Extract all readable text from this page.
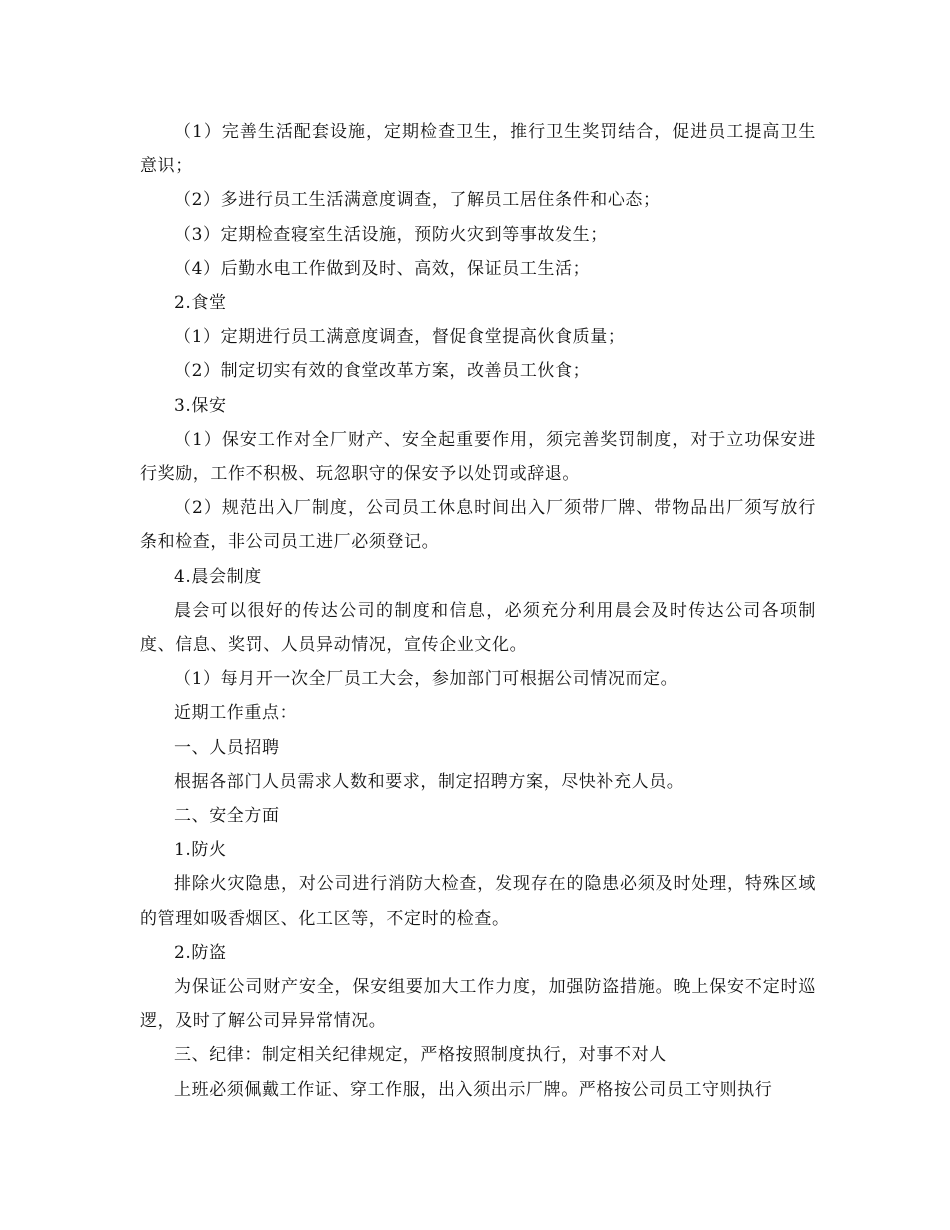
（1）完善生活配套设施，定期检查卫生，推行卫生奖罚结合，促进员工提高卫生意识；

（2）多进行员工生活满意度调查，了解员工居住条件和心态；

（3）定期检查寝室生活设施，预防火灾到等事故发生；

（4）后勤水电工作做到及时、高效，保证员工生活；

2.食堂

（1）定期进行员工满意度调查，督促食堂提高伙食质量；

（2）制定切实有效的食堂改革方案，改善员工伙食；

3.保安

（1）保安工作对全厂财产、安全起重要作用，须完善奖罚制度，对于立功保安进行奖励，工作不积极、玩忽职守的保安予以处罚或辞退。

（2）规范出入厂制度，公司员工休息时间出入厂须带厂牌、带物品出厂须写放行条和检查，非公司员工进厂必须登记。

4.晨会制度

晨会可以很好的传达公司的制度和信息，必须充分利用晨会及时传达公司各项制度、信息、奖罚、人员异动情况，宣传企业文化。

（1）每月开一次全厂员工大会，参加部门可根据公司情况而定。

近期工作重点：

一、人员招聘

根据各部门人员需求人数和要求，制定招聘方案，尽快补充人员。

二、安全方面

1.防火

排除火灾隐患，对公司进行消防大检查，发现存在的隐患必须及时处理，特殊区域的管理如吸香烟区、化工区等，不定时的检查。

2.防盗

为保证公司财产安全，保安组要加大工作力度，加强防盗措施。晚上保安不定时巡逻，及时了解公司异异常情况。

三、纪律：制定相关纪律规定，严格按照制度执行，对事不对人

上班必须佩戴工作证、穿工作服，出入须出示厂牌。严格按公司员工守则执行
